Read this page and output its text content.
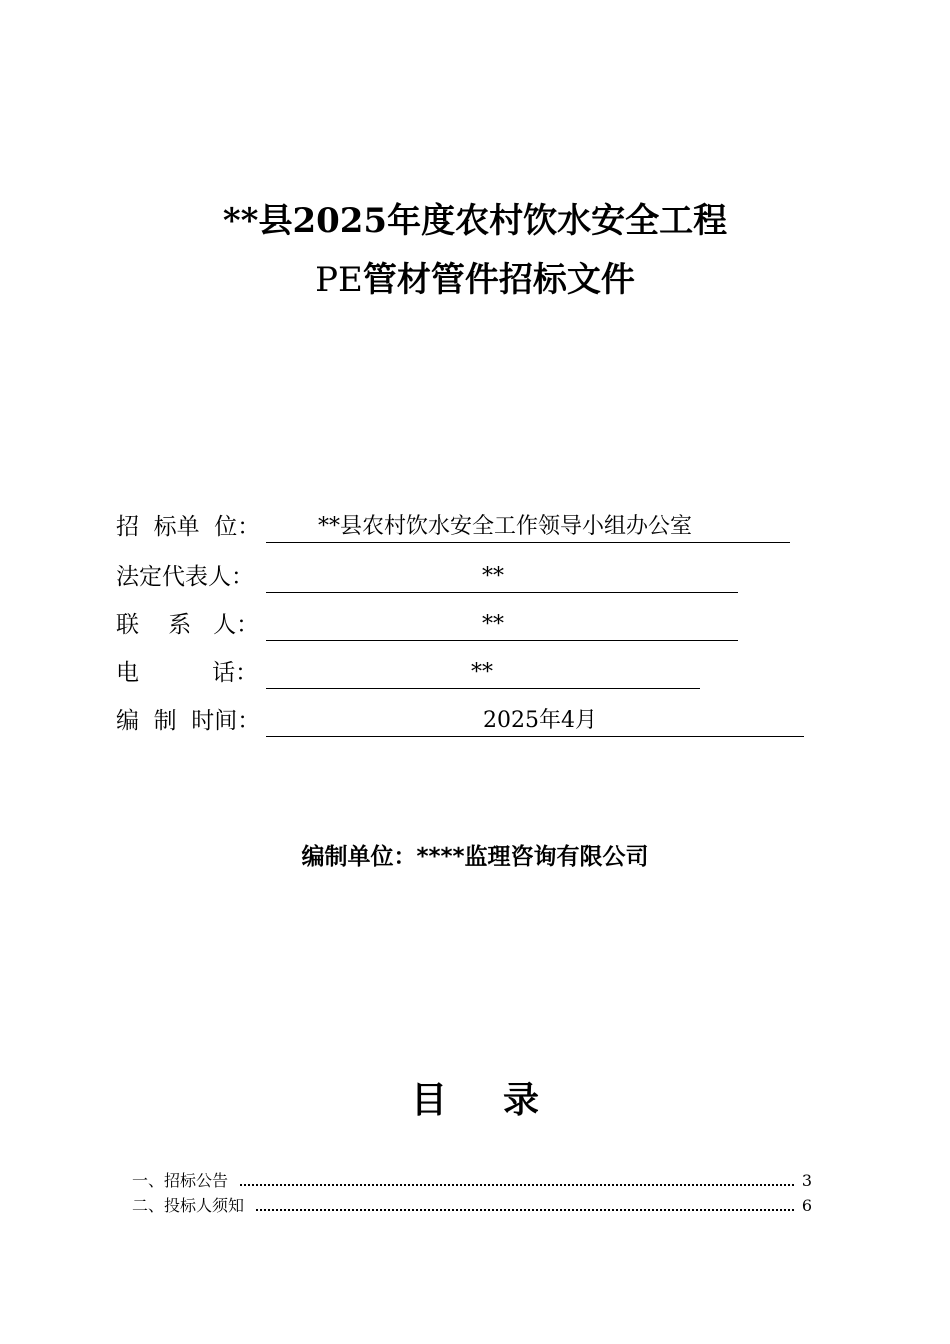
**县2025年度农村饮水安全工程
PE管材管件招标文件
招  标单  位：

	**县农村饮水安全工作领导小组办公室

法定代表人：

	**

联    系   人：

	**

电          话：

	**

编  制  时间：

	2025年4月

编制单位：****监理咨询有限公司
目 录
一、招标公告	3
二、投标人须知	6
